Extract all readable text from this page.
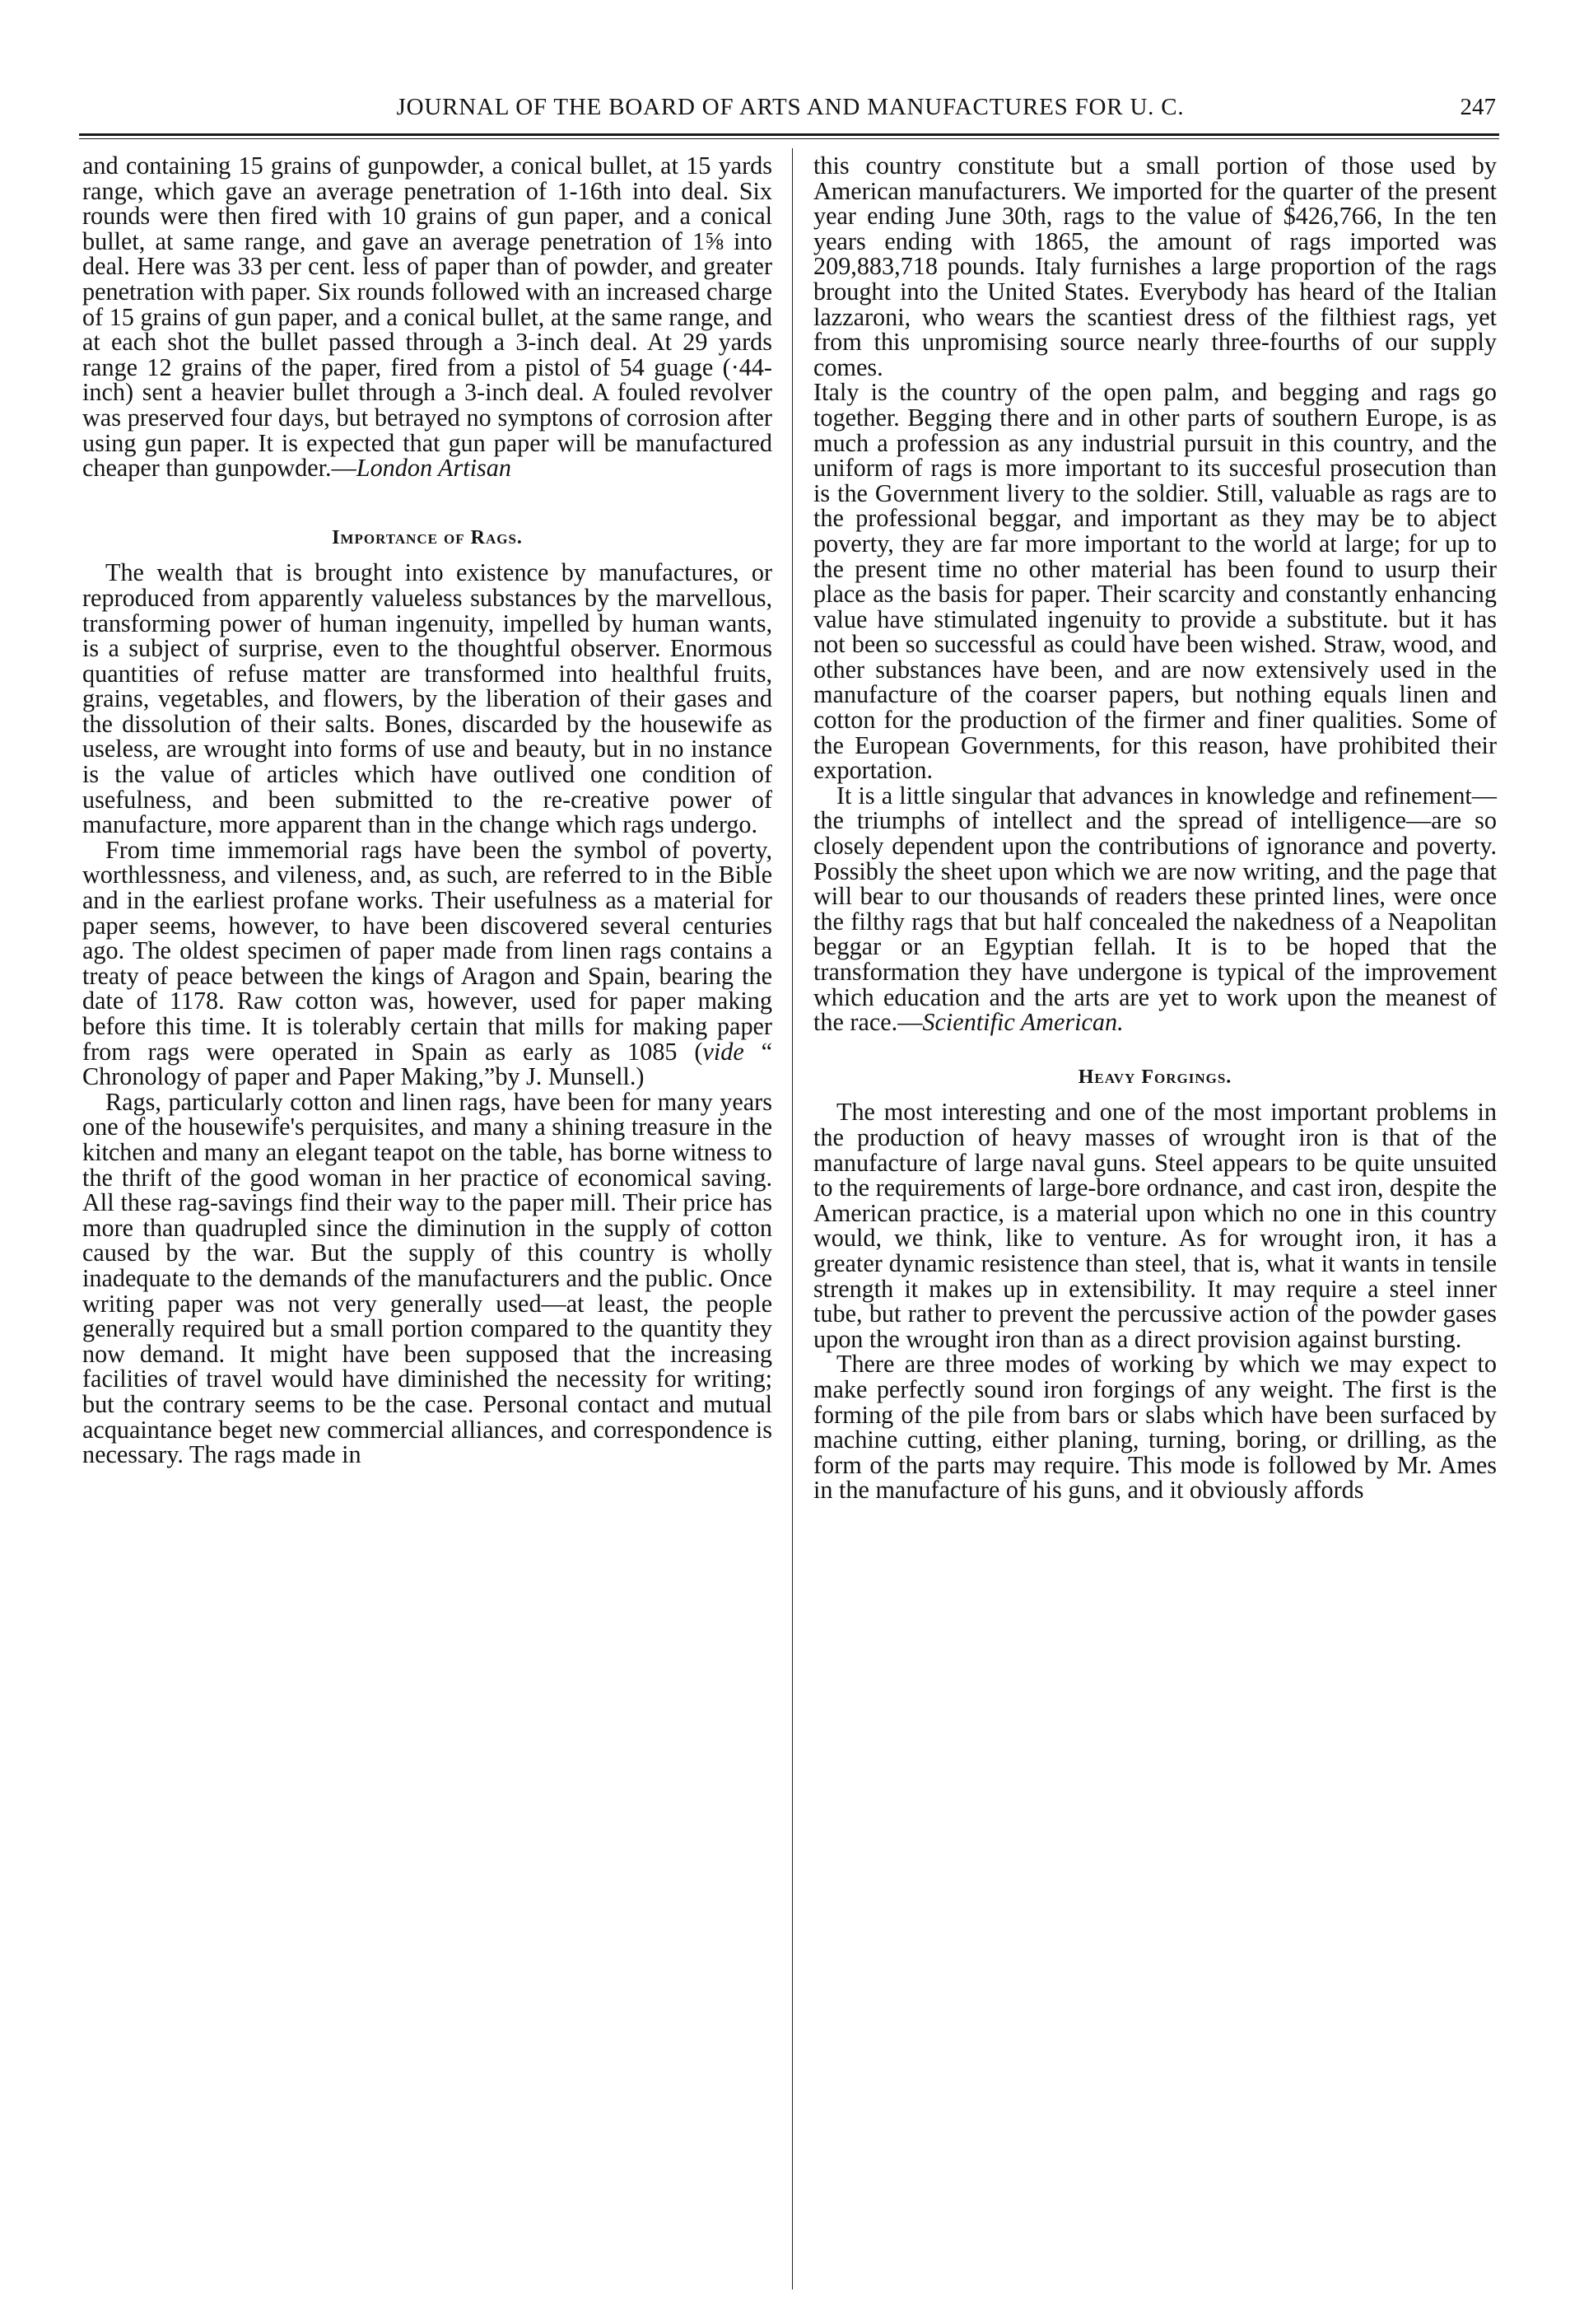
JOURNAL OF THE BOARD OF ARTS AND MANUFACTURES FOR U. C.	247

and containing 15 grains of gunpowder, a conical bullet, at 15 yards range, which gave an average penetration of 1-16th into deal. Six rounds were then fired with 10 grains of gun paper, and a conical bullet, at same range, and gave an average penetration of 1⅝ into deal. Here was 33 per cent. less of paper than of powder, and greater penetration with paper. Six rounds followed with an increased charge of 15 grains of gun paper, and a conical bullet, at the same range, and at each shot the bullet passed through a 3-inch deal. At 29 yards range 12 grains of the paper, fired from a pistol of 54 guage (·44-inch) sent a heavier bullet through a 3-inch deal. A fouled revolver was preserved four days, but betrayed no symptons of corrosion after using gun paper. It is expected that gun paper will be manufactured cheaper than gunpowder.—London Artisan

Importance of Rags.

The wealth that is brought into existence by manufactures, or reproduced from apparently valueless substances by the marvellous, transforming power of human ingenuity, impelled by human wants, is a subject of surprise, even to the thoughtful observer. Enormous quantities of refuse matter are transformed into healthful fruits, grains, vegetables, and flowers, by the liberation of their gases and the dissolution of their salts. Bones, discarded by the housewife as useless, are wrought into forms of use and beauty, but in no instance is the value of articles which have outlived one condition of usefulness, and been submitted to the re-creative power of manufacture, more apparent than in the change which rags undergo.

From time immemorial rags have been the symbol of poverty, worthlessness, and vileness, and, as such, are referred to in the Bible and in the earliest profane works. Their usefulness as a material for paper seems, however, to have been discovered several centuries ago. The oldest specimen of paper made from linen rags contains a treaty of peace between the kings of Aragon and Spain, bearing the date of 1178. Raw cotton was, however, used for paper making before this time. It is tolerably certain that mills for making paper from rags were operated in Spain as early as 1085 (vide “ Chronology of paper and Paper Making,”by J. Munsell.)

Rags, particularly cotton and linen rags, have been for many years one of the housewife's perquisites, and many a shining treasure in the kitchen and many an elegant teapot on the table, has borne witness to the thrift of the good woman in her practice of economical saving. All these rag-savings find their way to the paper mill. Their price has more than quadrupled since the diminution in the supply of cotton caused by the war. But the supply of this country is wholly inadequate to the demands of the manufacturers and the public. Once writing paper was not very generally used—at least, the people generally required but a small portion compared to the quantity they now demand. It might have been supposed that the increasing facilities of travel would have diminished the necessity for writing; but the contrary seems to be the case. Personal contact and mutual acquaintance beget new commercial alliances, and correspondence is necessary. The rags made in

this country constitute but a small portion of those used by American manufacturers. We imported for the quarter of the present year ending June 30th, rags to the value of $426,766, In the ten years ending with 1865, the amount of rags imported was 209,883,718 pounds. Italy furnishes a large proportion of the rags brought into the United States. Everybody has heard of the Italian lazzaroni, who wears the scantiest dress of the filthiest rags, yet from this unpromising source nearly three-fourths of our supply comes.

Italy is the country of the open palm, and begging and rags go together. Begging there and in other parts of southern Europe, is as much a profession as any industrial pursuit in this country, and the uniform of rags is more important to its succesful prosecution than is the Government livery to the soldier. Still, valuable as rags are to the professional beggar, and important as they may be to abject poverty, they are far more important to the world at large; for up to the present time no other material has been found to usurp their place as the basis for paper. Their scarcity and constantly enhancing value have stimulated ingenuity to provide a substitute. but it has not been so successful as could have been wished. Straw, wood, and other substances have been, and are now extensively used in the manufacture of the coarser papers, but nothing equals linen and cotton for the production of the firmer and finer qualities. Some of the European Governments, for this reason, have prohibited their exportation.

It is a little singular that advances in knowledge and refinement—the triumphs of intellect and the spread of intelligence—are so closely dependent upon the contributions of ignorance and poverty. Possibly the sheet upon which we are now writing, and the page that will bear to our thousands of readers these printed lines, were once the filthy rags that but half concealed the nakedness of a Neapolitan beggar or an Egyptian fellah. It is to be hoped that the transformation they have undergone is typical of the improvement which education and the arts are yet to work upon the meanest of the race.—Scientific American.

Heavy Forgings.

The most interesting and one of the most important problems in the production of heavy masses of wrought iron is that of the manufacture of large naval guns. Steel appears to be quite unsuited to the requirements of large-bore ordnance, and cast iron, despite the American practice, is a material upon which no one in this country would, we think, like to venture. As for wrought iron, it has a greater dynamic resistence than steel, that is, what it wants in tensile strength it makes up in extensibility. It may require a steel inner tube, but rather to prevent the percussive action of the powder gases upon the wrought iron than as a direct provision against bursting.

There are three modes of working by which we may expect to make perfectly sound iron forgings of any weight. The first is the forming of the pile from bars or slabs which have been surfaced by machine cutting, either planing, turning, boring, or drilling, as the form of the parts may require. This mode is followed by Mr. Ames in the manufacture of his guns, and it obviously affords
